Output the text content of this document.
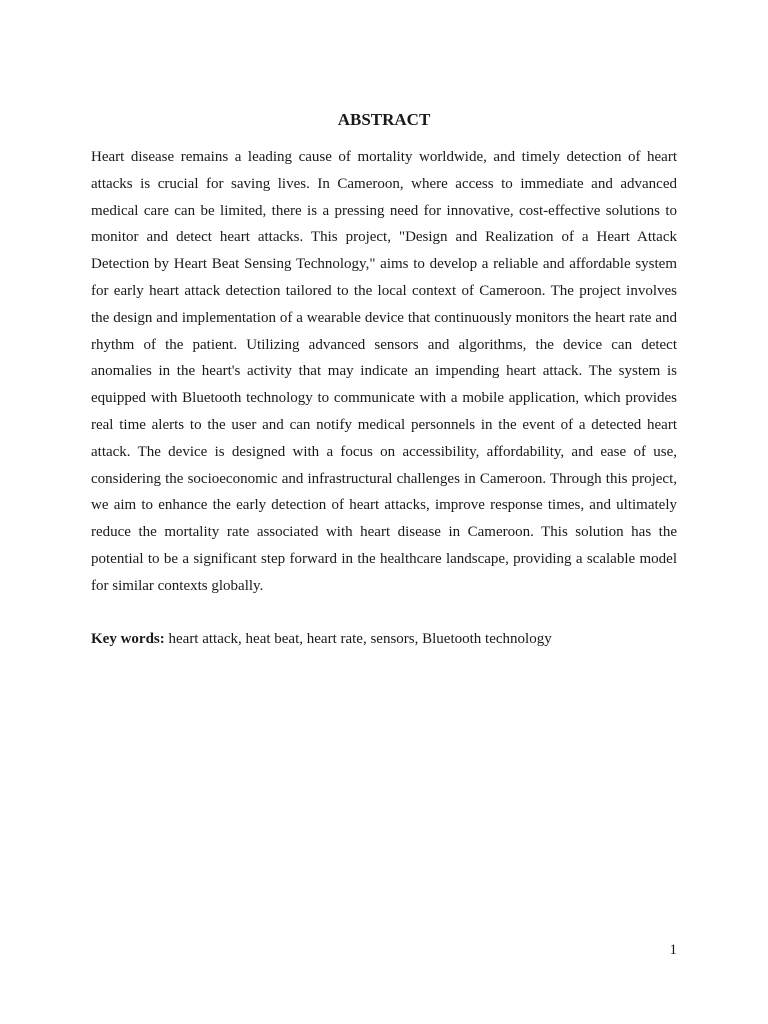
ABSTRACT

Heart disease remains a leading cause of mortality worldwide, and timely detection of heart attacks is crucial for saving lives. In Cameroon, where access to immediate and advanced medical care can be limited, there is a pressing need for innovative, cost-effective solutions to monitor and detect heart attacks. This project, "Design and Realization of a Heart Attack Detection by Heart Beat Sensing Technology," aims to develop a reliable and affordable system for early heart attack detection tailored to the local context of Cameroon. The project involves the design and implementation of a wearable device that continuously monitors the heart rate and rhythm of the patient. Utilizing advanced sensors and algorithms, the device can detect anomalies in the heart's activity that may indicate an impending heart attack. The system is equipped with Bluetooth technology to communicate with a mobile application, which provides real time alerts to the user and can notify medical personnels in the event of a detected heart attack. The device is designed with a focus on accessibility, affordability, and ease of use, considering the socioeconomic and infrastructural challenges in Cameroon. Through this project, we aim to enhance the early detection of heart attacks, improve response times, and ultimately reduce the mortality rate associated with heart disease in Cameroon. This solution has the potential to be a significant step forward in the healthcare landscape, providing a scalable model for similar contexts globally.

Key words: heart attack, heat beat, heart rate, sensors, Bluetooth technology

1
